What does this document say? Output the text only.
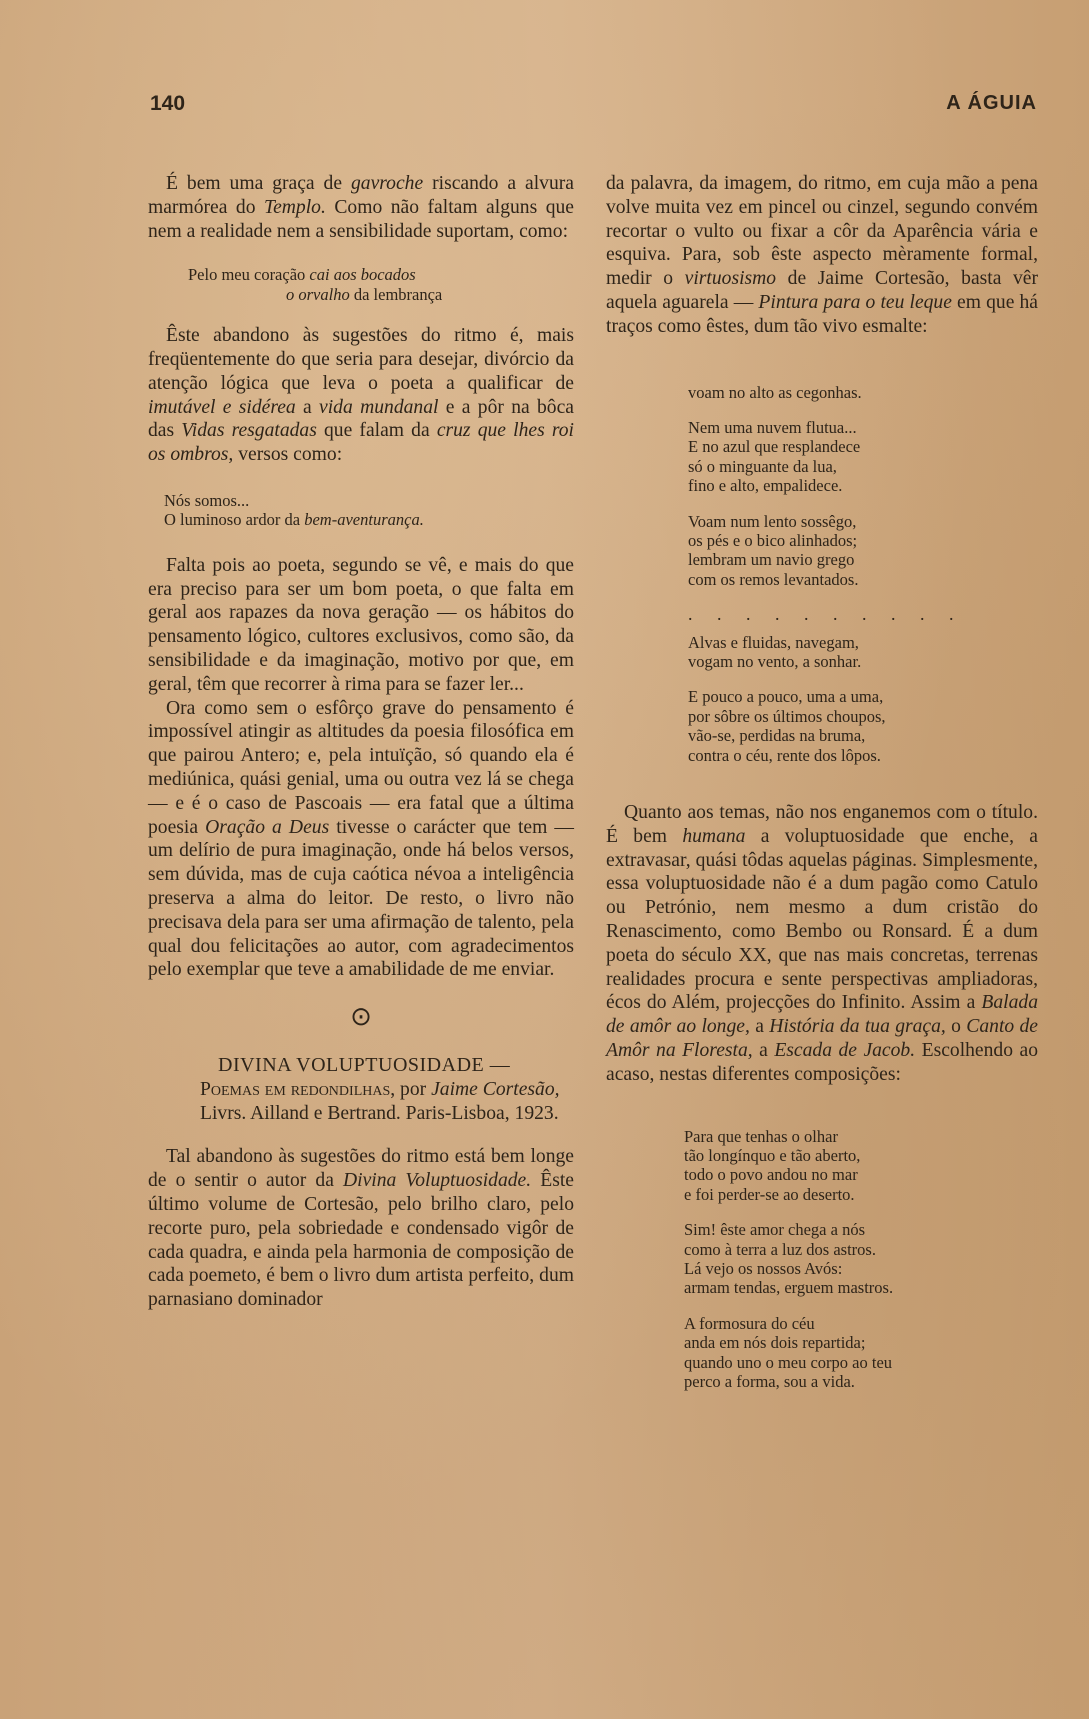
140	A ÁGUIA

É bem uma graça de gavroche riscando a alvura marmórea do Templo. Como não faltam alguns que nem a realidade nem a sensibilidade suportam, como:

Pelo meu coração cai aos bocados
o orvalho da lembrança

Êste abandono às sugestões do ritmo é, mais freqüentemente do que seria para desejar, divórcio da atenção lógica que leva o poeta a qualificar de imutável e sidérea a vida mundanal e a pôr na bôca das Vidas resgatadas que falam da cruz que lhes roi os ombros, versos como:

Nós somos...
O luminoso ardor da bem-aventurança.

Falta pois ao poeta, segundo se vê, e mais do que era preciso para ser um bom poeta, o que falta em geral aos rapazes da nova geração — os hábitos do pensamento lógico, cultores exclusivos, como são, da sensibilidade e da imaginação, motivo por que, em geral, têm que recorrer à rima para se fazer ler...

Ora como sem o esfôrço grave do pensamento é impossível atingir as altitudes da poesia filosófica em que pairou Antero; e, pela intuïção, só quando ela é mediúnica, quási genial, uma ou outra vez lá se chega — e é o caso de Pascoais — era fatal que a última poesia Oração a Deus tivesse o carácter que tem — um delírio de pura imaginação, onde há belos versos, sem dúvida, mas de cuja caótica névoa a inteligência preserva a alma do leitor. De resto, o livro não precisava dela para ser uma afirmação de talento, pela qual dou felicitações ao autor, com agradecimentos pelo exemplar que teve a amabilidade de me enviar.

⊙
DIVINA VOLUPTUOSIDADE —

Poemas em redondilhas, por Jaime Cortesão, Livrs. Ailland e Bertrand. Paris-Lisboa, 1923.

Tal abandono às sugestões do ritmo está bem longe de o sentir o autor da Divina Voluptuosidade. Êste último volume de Cortesão, pelo brilho claro, pelo recorte puro, pela sobriedade e condensado vigôr de cada quadra, e ainda pela harmonia de composição de cada poemeto, é bem o livro dum artista perfeito, dum parnasiano dominador

da palavra, da imagem, do ritmo, em cuja mão a pena volve muita vez em pincel ou cinzel, segundo convém recortar o vulto ou fixar a côr da Aparência vária e esquiva. Para, sob êste aspecto mèramente formal, medir o virtuosismo de Jaime Cortesão, basta vêr aquela aguarela — Pintura para o teu leque em que há traços como êstes, dum tão vivo esmalte:

voam no alto as cegonhas.
Nem uma nuvem flutua...
E no azul que resplandece
só o minguante da lua,
fino e alto, empalidece.
Voam num lento sossêgo,
os pés e o bico alinhados;
lembram um navio grego
com os remos levantados.
. . . . . . . . . .
Alvas e fluidas, navegam,
vogam no vento, a sonhar.
E pouco a pouco, uma a uma,
por sôbre os últimos choupos,
vão-se, perdidas na bruma,
contra o céu, rente dos lôpos.

Quanto aos temas, não nos enganemos com o título. É bem humana a voluptuosidade que enche, a extravasar, quási tôdas aquelas páginas. Simplesmente, essa voluptuosidade não é a dum pagão como Catulo ou Petrónio, nem mesmo a dum cristão do Renascimento, como Bembo ou Ronsard. É a dum poeta do século XX, que nas mais concretas, terrenas realidades procura e sente perspectivas ampliadoras, écos do Além, projecções do Infinito. Assim a Balada de amôr ao longe, a História da tua graça, o Canto de Amôr na Floresta, a Escada de Jacob. Escolhendo ao acaso, nestas diferentes composições:

Para que tenhas o olhar
tão longínquo e tão aberto,
todo o povo andou no mar
e foi perder-se ao deserto.
Sim! êste amor chega a nós
como à terra a luz dos astros.
Lá vejo os nossos Avós:
armam tendas, erguem mastros.
A formosura do céu
anda em nós dois repartida;
quando uno o meu corpo ao teu
perco a forma, sou a vida.
